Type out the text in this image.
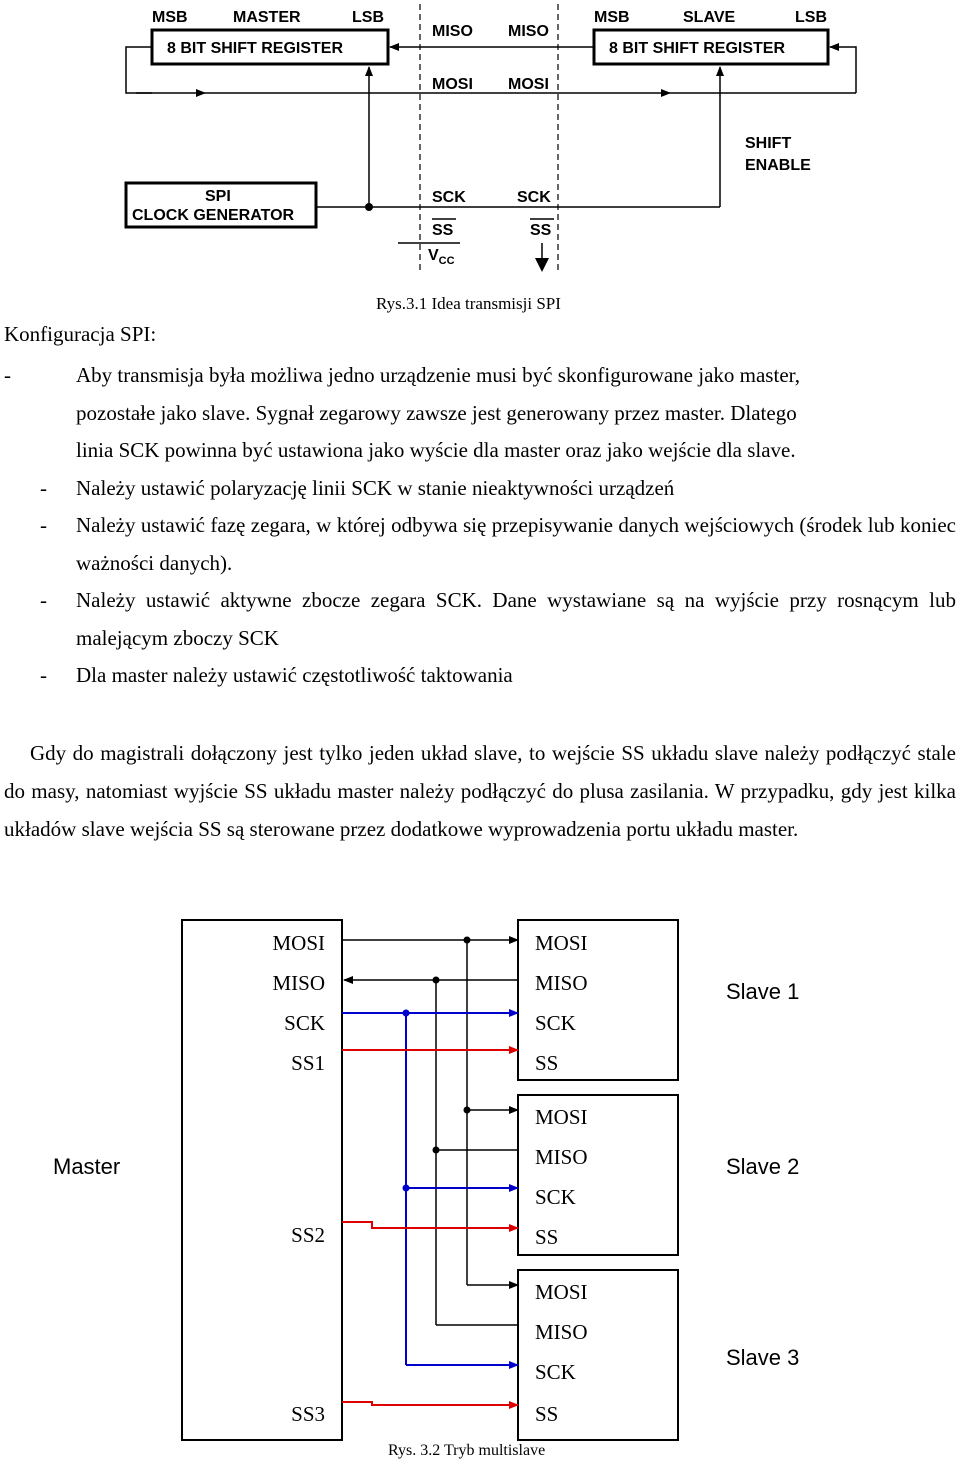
MSB	MASTER	LSB	MSB	SLAVE	LSB
8 BIT SHIFT REGISTER	8 BIT SHIFT REGISTER
MISO MISO
MOSI MOSI
SCK	SCK
SS	SS
$V_{CC}$
SPI
CLOCK GENERATOR
SHIFT
ENABLE

Rys.3.1 Idea transmisji SPI

Konfiguracja SPI:

-	Aby transmisja była możliwa jedno urządzenie musi być skonfigurowane jako master,
pozostałe jako slave. Sygnał zegarowy zawsze jest generowany przez master. Dlatego
linia SCK powinna być ustawiona jako wyście dla master oraz jako wejście dla slave.
- Należy ustawić polaryzację linii SCK w stanie nieaktywności urządzeń
- Należy ustawić fazę zegara, w której odbywa się przepisywanie danych wejściowych (środek lub koniec ważności danych).
- Należy ustawić aktywne zbocze zegara SCK. Dane wystawiane są na wyjście przy rosnącym lub malejącym zboczy SCK
- Dla master należy ustawić częstotliwość taktowania

Gdy do magistrali dołączony jest tylko jeden układ slave, to wejście SS układu slave należy podłączyć stale do masy, natomiast wyjście SS układu master należy podłączyć do plusa zasilania. W przypadku, gdy jest kilka układów slave wejścia SS są sterowane przez dodatkowe wyprowadzenia portu układu master.

Master
MOSI
MISO
SCK
SS1
SS2
SS3
MOSI
MISO
SCK
SS
MOSI
MISO
SCK
SS
MOSI
MISO
SCK
SS
Slave 1
Slave 2
Slave 3

Rys. 3.2 Tryb multislave
